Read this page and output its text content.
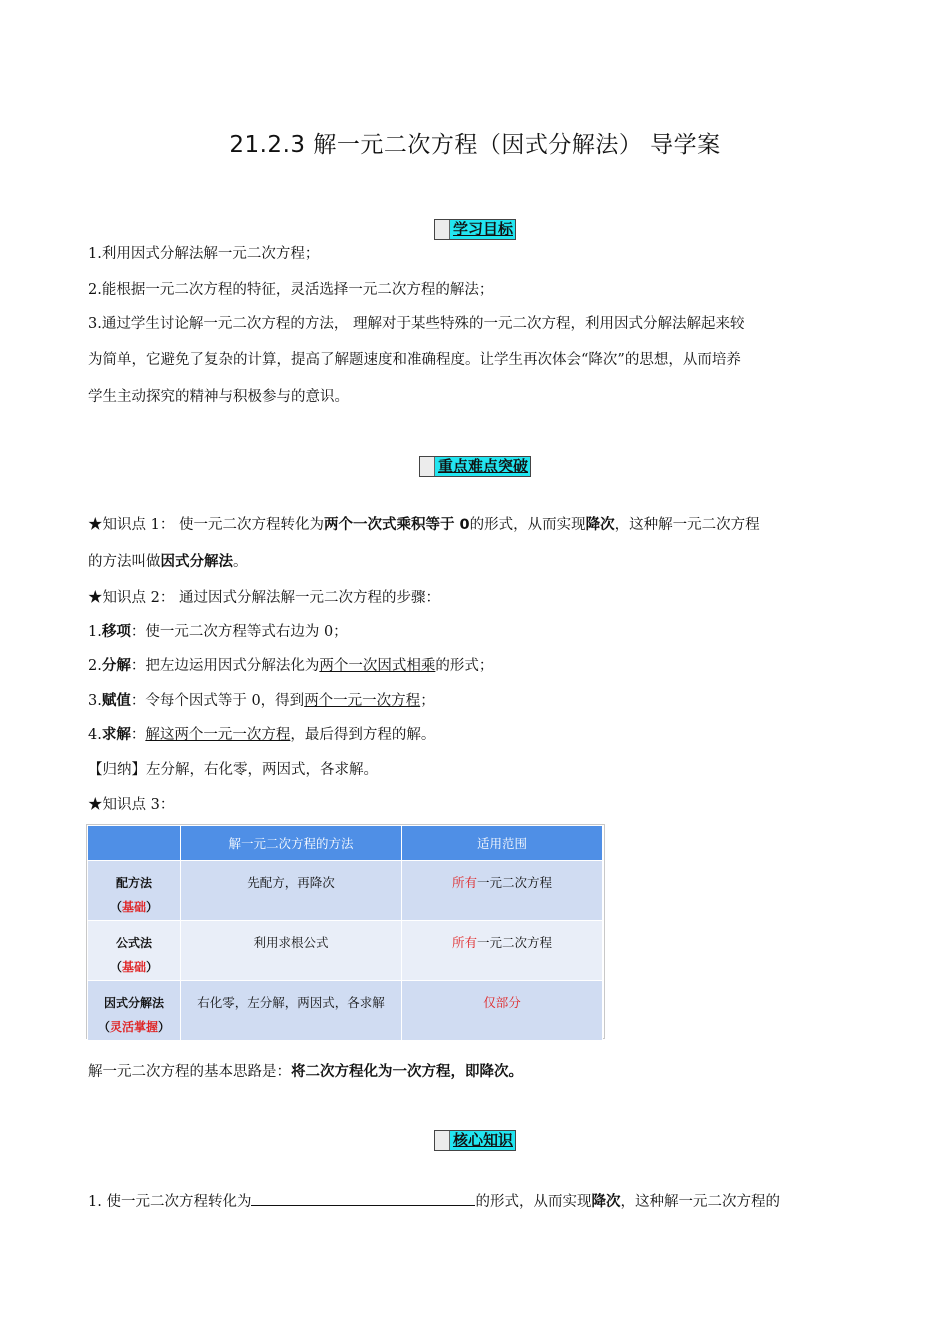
21.2.3 解一元二次方程（因式分解法） 导学案
学习目标
1.利用因式分解法解一元二次方程；
2.能根据一元二次方程的特征，灵活选择一元二次方程的解法；
3.通过学生讨论解一元二次方程的方法， 理解对于某些特殊的一元二次方程，利用因式分解法解起来较
为简单，它避免了复杂的计算，提高了解题速度和准确程度。让学生再次体会“降次”的思想，从而培养
学生主动探究的精神与积极参与的意识。
重点难点突破
★知识点 1： 使一元二次方程转化为两个一次式乘积等于 0的形式，从而实现降次，这种解一元二次方程
的方法叫做因式分解法。
★知识点 2： 通过因式分解法解一元二次方程的步骤：
1.移项：使一元二次方程等式右边为 0；
2.分解：把左边运用因式分解法化为两个一次因式相乘的形式；
3.赋值：令每个因式等于 0，得到两个一元一次方程；
4.求解：解这两个一元一次方程，最后得到方程的解。
【归纳】左分解，右化零，两因式，各求解。
★知识点 3：
	解一元二次方程的方法	适用范围

配方法
（基础）	先配方，再降次	所有一元二次方程

公式法
（基础）	利用求根公式	所有一元二次方程

因式分解法
（灵活掌握）	右化零，左分解，两因式，各求解	仅部分
解一元二次方程的基本思路是：将二次方程化为一次方程，即降次。
核心知识
1. 使一元二次方程转化为	的形式，从而实现降次，这种解一元二次方程的
